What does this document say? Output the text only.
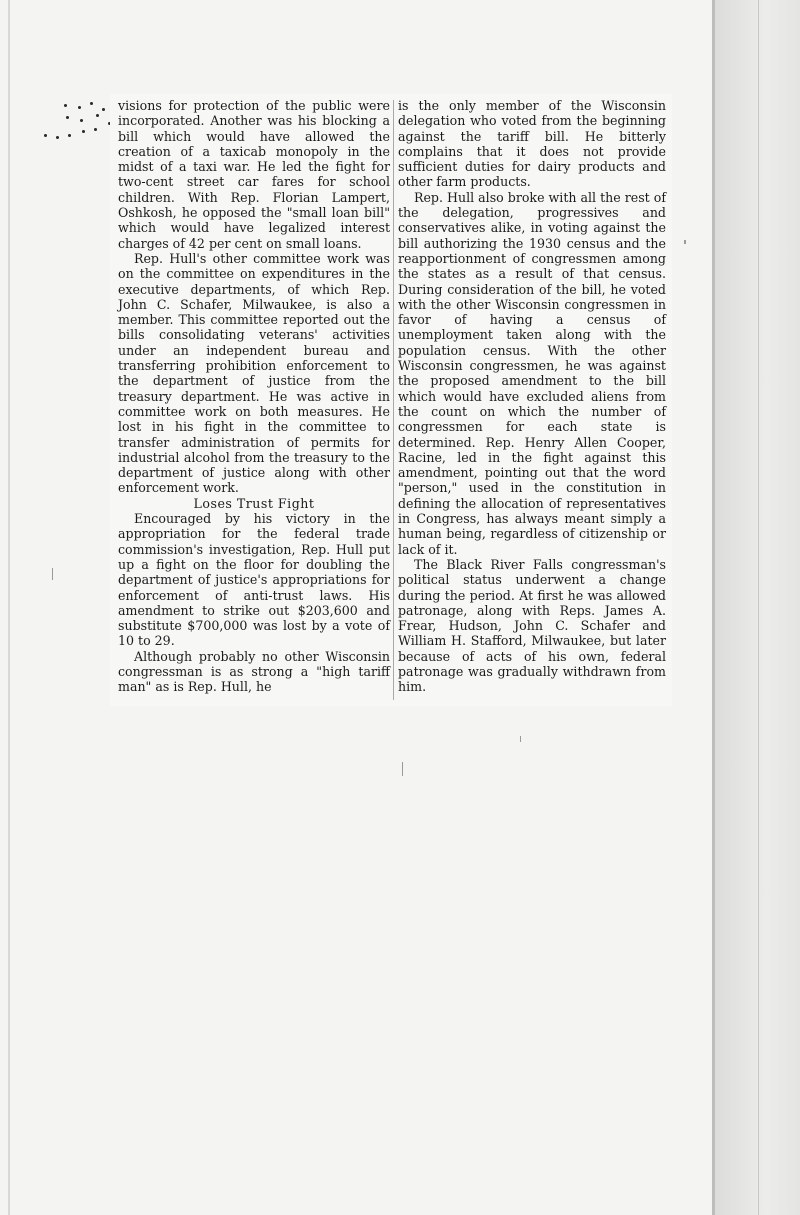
visions for protection of the public were incorporated. Another was his blocking a bill which would have allowed the creation of a taxicab monopoly in the midst of a taxi war. He led the fight for two-cent street car fares for school children. With Rep. Florian Lampert, Oshkosh, he opposed the "small loan bill" which would have legalized interest charges of 42 per cent on small loans.

Rep. Hull's other committee work was on the committee on expenditures in the executive departments, of which Rep. John C. Schafer, Milwaukee, is also a member. This committee reported out the bills consolidating veterans' activities under an independent bureau and transferring prohibition enforcement to the department of justice from the treasury department. He was active in committee work on both measures. He lost in his fight in the committee to transfer administration of permits for industrial alcohol from the treasury to the department of justice along with other enforcement work.

Loses Trust Fight

Encouraged by his victory in the appropriation for the federal trade commission's investigation, Rep. Hull put up a fight on the floor for doubling the department of justice's appropriations for enforcement of anti-trust laws. His amendment to strike out $203,600 and substitute $700,000 was lost by a vote of 10 to 29.

Although probably no other Wisconsin congressman is as strong a "high tariff man" as is Rep. Hull, he

is the only member of the Wisconsin delegation who voted from the beginning against the tariff bill. He bitterly complains that it does not provide sufficient duties for dairy products and other farm products.

Rep. Hull also broke with all the rest of the delegation, progressives and conservatives alike, in voting against the bill authorizing the 1930 census and the reapportionment of congressmen among the states as a result of that census. During consideration of the bill, he voted with the other Wisconsin congressmen in favor of having a census of unemployment taken along with the population census. With the other Wisconsin congressmen, he was against the proposed amendment to the bill which would have excluded aliens from the count on which the number of congressmen for each state is determined. Rep. Henry Allen Cooper, Racine, led in the fight against this amendment, pointing out that the word "person," used in the constitution in defining the allocation of representatives in Congress, has always meant simply a human being, regardless of citizenship or lack of it.

The Black River Falls congressman's political status underwent a change during the period. At first he was allowed patronage, along with Reps. James A. Frear, Hudson, John C. Schafer and William H. Stafford, Milwaukee, but later because of acts of his own, federal patronage was gradually withdrawn from him.
